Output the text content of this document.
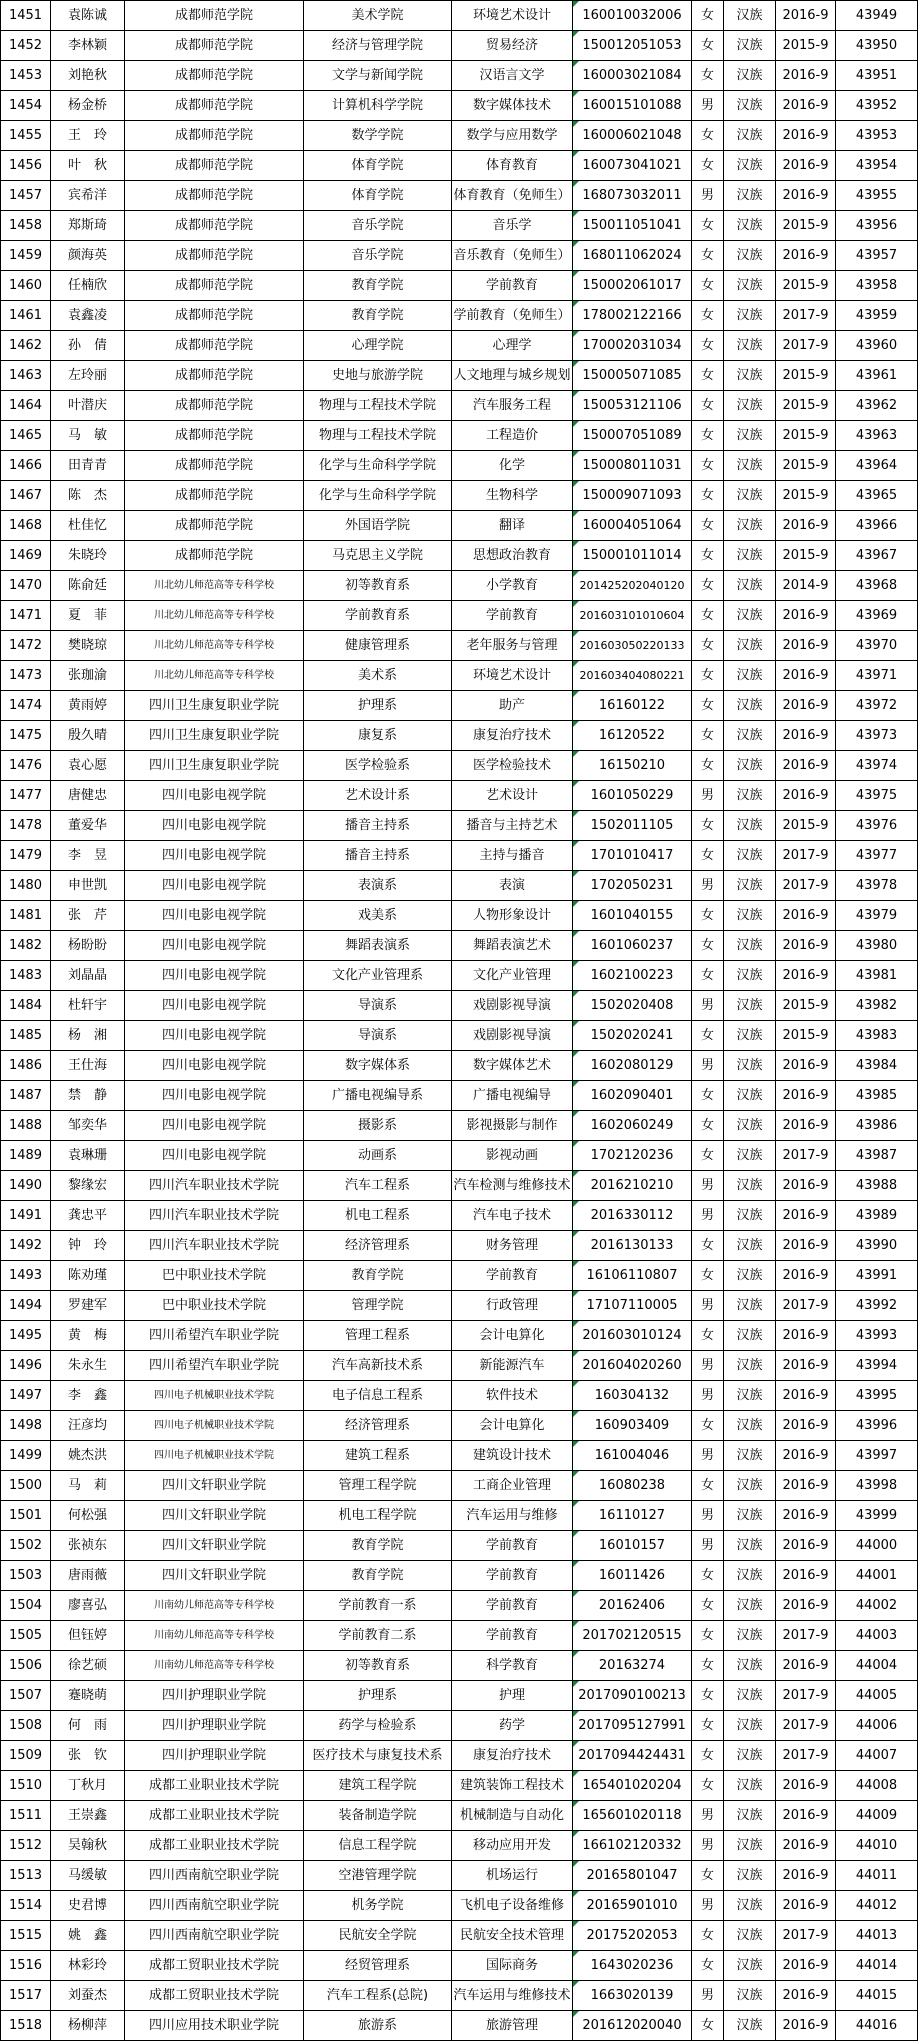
1451	袁陈诚	成都师范学院	美术学院	环境艺术设计	160010032006	女	汉族	2016-9	43949
1452	李林颖	成都师范学院	经济与管理学院	贸易经济	150012051053	女	汉族	2015-9	43950
1453	刘艳秋	成都师范学院	文学与新闻学院	汉语言文学	160003021084	女	汉族	2016-9	43951
1454	杨金桥	成都师范学院	计算机科学学院	数字媒体技术	160015101088	男	汉族	2016-9	43952
1455	王　玲	成都师范学院	数学学院	数学与应用数学	160006021048	女	汉族	2016-9	43953
1456	叶　秋	成都师范学院	体育学院	体育教育	160073041021	女	汉族	2016-9	43954
1457	宾希洋	成都师范学院	体育学院	体育教育（免师生）	168073032011	男	汉族	2016-9	43955
1458	郑斯琦	成都师范学院	音乐学院	音乐学	150011051041	女	汉族	2015-9	43956
1459	颜海英	成都师范学院	音乐学院	音乐教育（免师生）	168011062024	女	汉族	2016-9	43957
1460	任楠欣	成都师范学院	教育学院	学前教育	150002061017	女	汉族	2015-9	43958
1461	袁鑫凌	成都师范学院	教育学院	学前教育（免师生）	178002122166	女	汉族	2017-9	43959
1462	孙　倩	成都师范学院	心理学院	心理学	170002031034	女	汉族	2017-9	43960
1463	左玲丽	成都师范学院	史地与旅游学院	人文地理与城乡规划	150005071085	女	汉族	2015-9	43961
1464	叶潜庆	成都师范学院	物理与工程技术学院	汽车服务工程	150053121106	女	汉族	2015-9	43962
1465	马　敏	成都师范学院	物理与工程技术学院	工程造价	150007051089	女	汉族	2015-9	43963
1466	田青青	成都师范学院	化学与生命科学学院	化学	150008011031	女	汉族	2015-9	43964
1467	陈　杰	成都师范学院	化学与生命科学学院	生物科学	150009071093	女	汉族	2015-9	43965
1468	杜佳忆	成都师范学院	外国语学院	翻译	160004051064	女	汉族	2016-9	43966
1469	朱晓玲	成都师范学院	马克思主义学院	思想政治教育	150001011014	女	汉族	2015-9	43967
1470	陈俞廷	川北幼儿师范高等专科学校	初等教育系	小学教育	201425202040120	女	汉族	2014-9	43968
1471	夏　菲	川北幼儿师范高等专科学校	学前教育系	学前教育	201603101010604	女	汉族	2016-9	43969
1472	樊晓琼	川北幼儿师范高等专科学校	健康管理系	老年服务与管理	201603050220133	女	汉族	2016-9	43970
1473	张珈渝	川北幼儿师范高等专科学校	美术系	环境艺术设计	201603404080221	女	汉族	2016-9	43971
1474	黄雨婷	四川卫生康复职业学院	护理系	助产	16160122	女	汉族	2016-9	43972
1475	殷久晴	四川卫生康复职业学院	康复系	康复治疗技术	16120522	女	汉族	2016-9	43973
1476	袁心愿	四川卫生康复职业学院	医学检验系	医学检验技术	16150210	女	汉族	2016-9	43974
1477	唐健忠	四川电影电视学院	艺术设计系	艺术设计	1601050229	男	汉族	2016-9	43975
1478	董爱华	四川电影电视学院	播音主持系	播音与主持艺术	1502011105	女	汉族	2015-9	43976
1479	李　昱	四川电影电视学院	播音主持系	主持与播音	1701010417	女	汉族	2017-9	43977
1480	申世凯	四川电影电视学院	表演系	表演	1702050231	男	汉族	2017-9	43978
1481	张　芹	四川电影电视学院	戏美系	人物形象设计	1601040155	女	汉族	2016-9	43979
1482	杨盼盼	四川电影电视学院	舞蹈表演系	舞蹈表演艺术	1601060237	女	汉族	2016-9	43980
1483	刘晶晶	四川电影电视学院	文化产业管理系	文化产业管理	1602100223	女	汉族	2016-9	43981
1484	杜轩宇	四川电影电视学院	导演系	戏剧影视导演	1502020408	男	汉族	2015-9	43982
1485	杨　湘	四川电影电视学院	导演系	戏剧影视导演	1502020241	女	汉族	2015-9	43983
1486	王仕海	四川电影电视学院	数字媒体系	数字媒体艺术	1602080129	男	汉族	2016-9	43984
1487	禁　静	四川电影电视学院	广播电视编导系	广播电视编导	1602090401	女	汉族	2016-9	43985
1488	邹奕华	四川电影电视学院	摄影系	影视摄影与制作	1602060249	女	汉族	2016-9	43986
1489	袁琳珊	四川电影电视学院	动画系	影视动画	1702120236	女	汉族	2017-9	43987
1490	黎缘宏	四川汽车职业技术学院	汽车工程系	汽车检测与维修技术	2016210210	男	汉族	2016-9	43988
1491	龚忠平	四川汽车职业技术学院	机电工程系	汽车电子技术	2016330112	男	汉族	2016-9	43989
1492	钟　玲	四川汽车职业技术学院	经济管理系	财务管理	2016130133	女	汉族	2016-9	43990
1493	陈劝瑾	巴中职业技术学院	教育学院	学前教育	16106110807	女	汉族	2016-9	43991
1494	罗建军	巴中职业技术学院	管理学院	行政管理	17107110005	男	汉族	2017-9	43992
1495	黄　梅	四川希望汽车职业学院	管理工程系	会计电算化	201603010124	女	汉族	2016-9	43993
1496	朱永生	四川希望汽车职业学院	汽车高新技术系	新能源汽车	201604020260	男	汉族	2016-9	43994
1497	李　鑫	四川电子机械职业技术学院	电子信息工程系	软件技术	160304132	男	汉族	2016-9	43995
1498	汪彦均	四川电子机械职业技术学院	经济管理系	会计电算化	160903409	女	汉族	2016-9	43996
1499	姚杰洪	四川电子机械职业技术学院	建筑工程系	建筑设计技术	161004046	男	汉族	2016-9	43997
1500	马　莉	四川文轩职业学院	管理工程学院	工商企业管理	16080238	女	汉族	2016-9	43998
1501	何松强	四川文轩职业学院	机电工程学院	汽车运用与维修	16110127	男	汉族	2016-9	43999
1502	张祯东	四川文轩职业学院	教育学院	学前教育	16010157	男	汉族	2016-9	44000
1503	唐雨薇	四川文轩职业学院	教育学院	学前教育	16011426	女	汉族	2016-9	44001
1504	廖喜弘	川南幼儿师范高等专科学校	学前教育一系	学前教育	20162406	女	汉族	2016-9	44002
1505	但钰婷	川南幼儿师范高等专科学校	学前教育二系	学前教育	201702120515	女	汉族	2017-9	44003
1506	徐艺硕	川南幼儿师范高等专科学校	初等教育系	科学教育	20163274	女	汉族	2016-9	44004
1507	蹇晓萌	四川护理职业学院	护理系	护理	2017090100213	女	汉族	2017-9	44005
1508	何　雨	四川护理职业学院	药学与检验系	药学	2017095127991	女	汉族	2017-9	44006
1509	张　钦	四川护理职业学院	医疗技术与康复技术系	康复治疗技术	2017094424431	女	汉族	2017-9	44007
1510	丁秋月	成都工业职业技术学院	建筑工程学院	建筑装饰工程技术	165401020204	女	汉族	2016-9	44008
1511	王崇鑫	成都工业职业技术学院	装备制造学院	机械制造与自动化	165601020118	男	汉族	2016-9	44009
1512	吴翰秋	成都工业职业技术学院	信息工程学院	移动应用开发	166102120332	男	汉族	2016-9	44010
1513	马缓敏	四川西南航空职业学院	空港管理学院	机场运行	20165801047	女	汉族	2016-9	44011
1514	史君博	四川西南航空职业学院	机务学院	飞机电子设备维修	20165901010	男	汉族	2016-9	44012
1515	姚　鑫	四川西南航空职业学院	民航安全学院	民航安全技术管理	20175202053	女	汉族	2017-9	44013
1516	林彩玲	成都工贸职业技术学院	经贸管理系	国际商务	1643020236	女	汉族	2016-9	44014
1517	刘蚕杰	成都工贸职业技术学院	汽车工程系(总院)	汽车运用与维修技术	1663020139	男	汉族	2016-9	44015
1518	杨柳萍	四川应用技术职业学院	旅游系	旅游管理	201612020040	女	汉族	2016-9	44016
